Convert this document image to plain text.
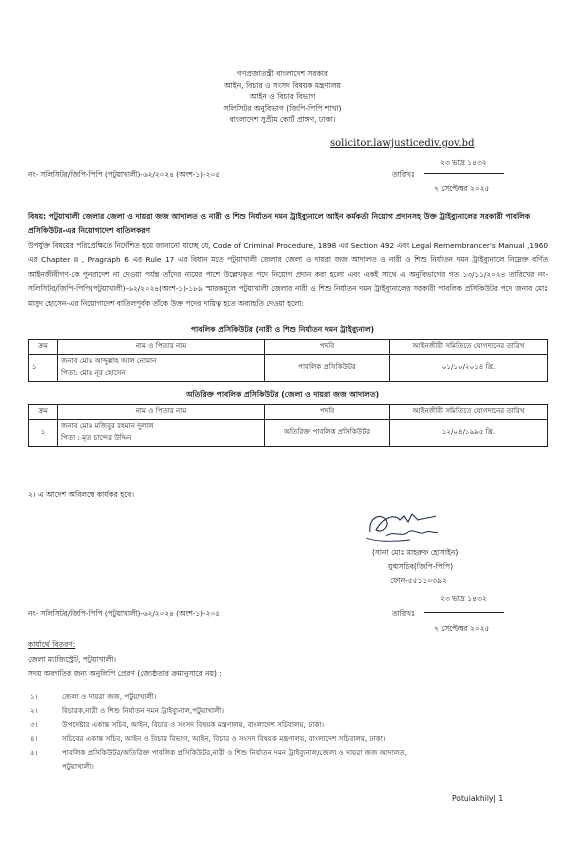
গণপ্রজাতন্ত্রী বাংলাদেশ সরকার
আইন, বিচার ও সংসদ বিষয়ক মন্ত্রণালয়
আইন ও বিচার বিভাগ
সলিসিটর অনুবিভাগ (জিপি-পিপি শাখা)
বাংলাদেশ সুপ্রীম কোর্ট প্রাঙ্গণ, ঢাকা।
solicitor.lawjusticediv.gov.bd
নং- সলিসিটর/জিপি-পিপি (পটুয়াখালী)-৬২/২০২৪ (অংশ-১)-২০৫	তারিখঃ
২৩ ভাদ্র ১৪৩২
৭ সেপ্টেম্বর ২০২৫
বিষয়: পটুয়াখালী জেলার জেলা ও দায়রা জজ আদালত ও নারী ও শিশু নির্যাতন দমন ট্রাইব্যুনালে আইন কর্মকর্তা নিয়োগ প্রদানসহ উক্ত ট্রাইব্যুনালের সরকারী পাবলিক প্রসিকিউটর-এর নিয়োগাদেশ বাতিলকরণ
উপর্যুক্ত বিষয়ের পরিপ্রেক্ষিতে নির্দেশিত হয়ে জানানো যাচ্ছে যে, Code of Criminal Procedure, 1898 এর Section 492 এবং Legal Remembrancer's Manual ,1960 এর Chapter II , Pragraph 6 এর Rule 17 এর বিধান মতে পটুয়াখালী জেলার জেলা ও দায়রা জজ আদালত ও নারী ও শিশু নির্যাতন দমন ট্রাইব্যুনালে নিম্নেক্ত বর্ণিত আইনজীবীগণ-কে পুনরাদেশ না দেওয়া পর্যন্ত তাঁদের নামের পাশে উল্লেখকৃত পদে নিয়োগ প্রদান করা হলো এবং একই সাথে এ অনুবিভাগের গত ১৩/১১/২০২৪ তারিখের নং-সলিসিটর/জিপি-পিপি(পটুয়াখালী)-৬২/২০২৪(অংশ-১)-১৮৯ স্মারকমূলে পটুয়াখালী জেলার নারী ও শিশু নির্যাতন দমন ট্রাইব্যুনালের সরকারী পাবলিক প্রসিকিউটর পদে জনাব মোঃ মাসুদ হোসেন-এর নিয়োগাদেশ বাতিলপূর্বক তাঁকে উক্ত পদের দায়িত্ব হতে অব্যাহতি দেওয়া হলো:
পাবলিক প্রসিকিউটর (নারী ও শিশু নির্যাতন দমন ট্রাইব্যুনাল)
ক্রম	নাম ও পিতার নাম	পদবি	আইনজীবী সমিতিতে যোগদানের তারিখ
১	জনাব মোঃ আব্দুল্লাহ আল নোমান
পিতা: মোঃ নূর হোসেন	পাবলিক প্রসিকিউটর	০১/১০/২০১৪ খ্রি.
অতিরিক্ত পাবলিক প্রসিকিউটর (জেলা ও দায়রা জজ আদালত)
ক্রম	নাম ও পিতার নাম	পদবি	আইনজীবী সমিতিতে যোগদানের তারিখ
১	জনাব মোঃ মজিবুর রহমান দুলাল
পিতা : মৃত চান্দের উদ্দিন	অতিরিক্ত পাবলিক প্রসিকিউটর	১২/০৪/১৯৯৫ খ্রি.
২। এ আদেশ অবিলম্বে কার্যকর হবে।
(সানা মোঃ মাহরুফ হোসাইন)
যুগ্মসচিব(জিপি-পিপি)
ফোন-৫৫১১০৩৯২
২৩ ভাদ্র ১৪৩২
নং- সলিসিটর/জিপি-পিপি (পটুয়াখালী)-৬২/২০২৪ (অংশ-১)-২০৫	তারিখঃ
৭ সেপ্টেম্বর ২০২৫
কার্যার্থে বিতরণ:
জেলা ম্যাজিস্ট্রেট, পটুয়াখালী।
সদয় অবগতির জন্য অনুলিপি প্রেরণ (জ্যেষ্ঠতার ক্রমানুসারে নয়) :
১।	জেলা ও দায়রা জজ, পটুয়াখালী।
২।	বিচারক,নারী ও শিশু নির্যাতন দমন ট্রাইব্যুনাল,পটুয়াখালী।
৩।	উপদেষ্টার একান্ত সচিব, আইন, বিচার ও সংসদ বিষয়ক মন্ত্রণালয়, বাংলাদেশ সচিবালয়, ঢাকা।
৪।	সচিবের একান্ত সচিব, আইন ও বিচার বিভাগ, আইন, বিচার ও সংসদ বিষয়ক মন্ত্রণালয়, বাংলাদেশ সচিবালয়, ঢাকা।
৫।	পাবলিক প্রসিকিউটর/অতিরিক্ত পাবলিক প্রসিকিউটর,নারী ও শিশু নির্যাতন দমন ট্রাইব্যুনাল/জেলা ও দায়রা জজ আদালত,
পটুয়াখালী।
Potuiakhily| 1
